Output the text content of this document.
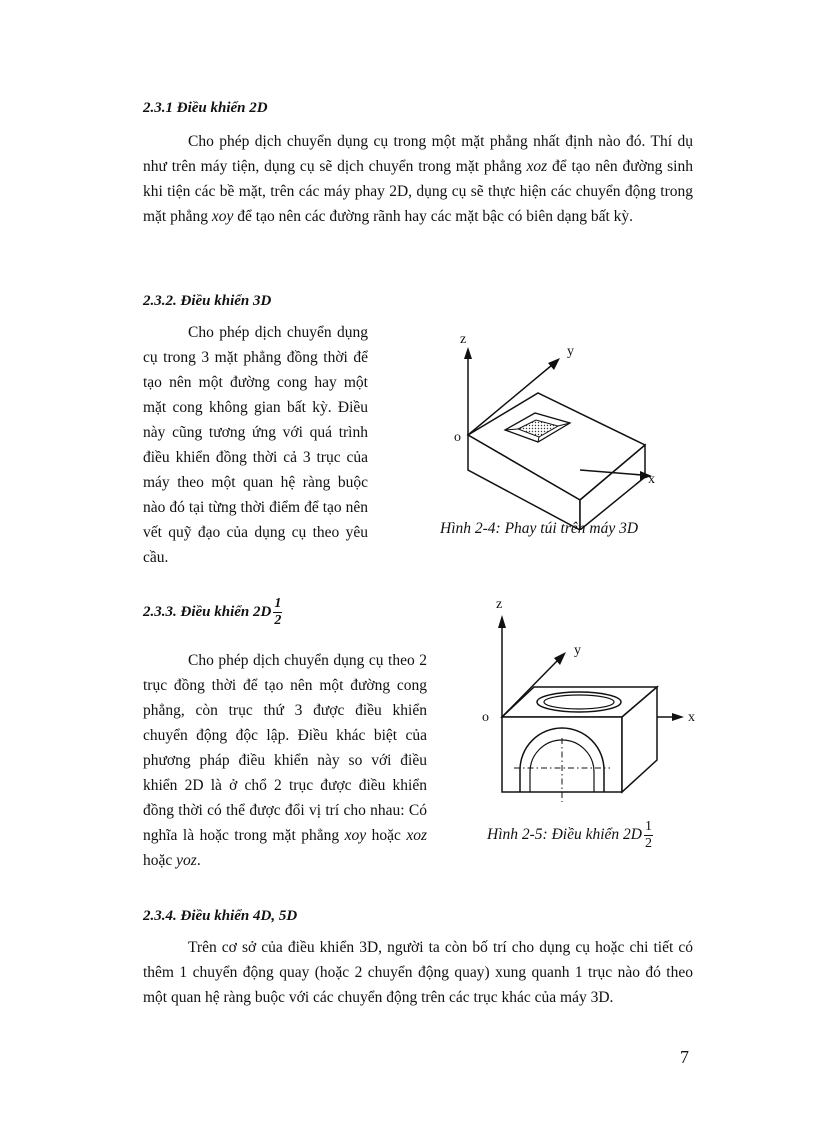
2.3.1 Điều khiển 2D
Cho phép dịch chuyển dụng cụ trong một mặt phẳng nhất định nào đó. Thí dụ như trên máy tiện, dụng cụ sẽ dịch chuyển trong mặt phẳng xoz để tạo nên đường sinh khi tiện các bề mặt, trên các máy phay 2D, dụng cụ sẽ thực hiện các chuyển động trong mặt phẳng xoy để tạo nên các đường rãnh hay các mặt bậc có biên dạng bất kỳ.
2.3.2. Điều khiển 3D
Cho phép dịch chuyển dụng cụ trong 3 mặt phẳng đồng thời để tạo nên một đường cong hay một mặt cong không gian bất kỳ. Điều này cũng tương ứng với quá trình điều khiển đồng thời cả 3 trục của máy theo một quan hệ ràng buộc nào đó tại từng thời điểm để tạo nên vết quỹ đạo của dụng cụ theo yêu cầu.
z
y
x
o
Hình 2-4: Phay túi trên máy 3D
2.3.3. Điều khiển $2D \frac{1}{2}$
Cho phép dịch chuyển dụng cụ theo 2 trục đồng thời để tạo nên một đường cong phẳng, còn trục thứ 3 được điều khiển chuyển động độc lập. Điều khác biệt của phương pháp điều khiển này so với điều khiển 2D là ở chổ 2 trục được điều khiển đồng thời có thể được đổi vị trí cho nhau: Có nghĩa là hoặc trong mặt phẳng xoy hoặc xoz hoặc yoz.
z
y
x
o
Hình 2-5: Điều khiển $2D \frac{1}{2}$
2.3.4. Điều khiển 4D, 5D
Trên cơ sở của điều khiển 3D, người ta còn bố trí cho dụng cụ hoặc chi tiết có thêm 1 chuyển động quay (hoặc 2 chuyển động quay) xung quanh 1 trục nào đó theo một quan hệ ràng buộc với các chuyển động trên các trục khác của máy 3D.
7
